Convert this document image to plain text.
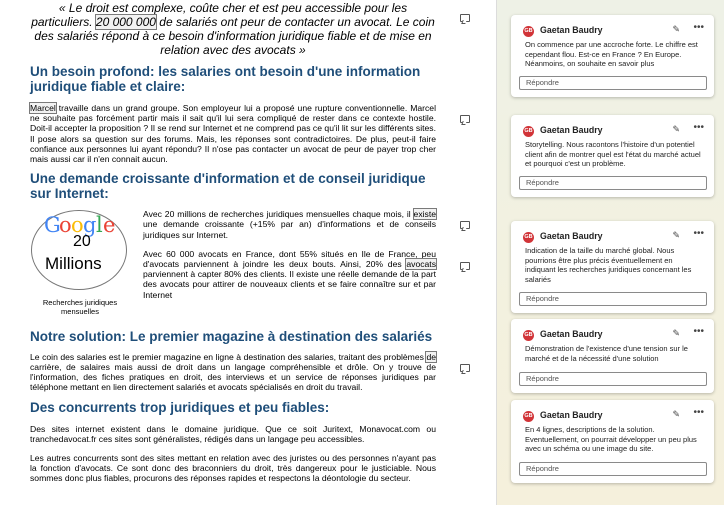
« Le droit est complexe, coûte cher et est peu accessible pour les particuliers. 20 000 000 de salariés ont peur de contacter un avocat. Le coin des salariés répond à ce besoin d'information juridique fiable et de mise en relation avec des avocats »

Un besoin profond: les salaries ont besoin d'une information juridique fiable et claire:

Marcel travaille dans un grand groupe. Son employeur lui a proposé une rupture conventionnelle. Marcel ne souhaite pas forcément partir mais il sait qu'il lui sera compliqué de rester dans ce contexte hostile. Doit-il accepter la proposition ? Il se rend sur Internet et ne comprend pas ce qu'il lit sur les différents sites. Il pose alors sa question sur des forums. Mais, les réponses sont contradictoires. De plus, peut-il faire confiance aux personnes lui ayant répondu? Il n'ose pas contacter un avocat de peur de payer trop cher mais aussi car il n'en connait aucun.

Une demande croissante d'information et de conseil juridique sur Internet:

Avec 20 millions de recherches juridiques mensuelles chaque mois, il existe une demande croissante (+15% par an) d'informations et de conseils juridiques sur Internet.

Avec 60 000 avocats en France, dont 55% situés en Ile de France, peu d'avocats parviennent à joindre les deux bouts. Ainsi, 20% des avocats parviennent à capter 80% des clients. Il existe une réelle demande de la part des avocats pour attirer de nouveaux clients et se faire connaître sur et par Internet

Notre solution: Le premier magazine à destination des salariés

Le coin des salaries est le premier magazine en ligne à destination des salaries, traitant des problèmes de carrière, de salaires mais aussi de droit dans un langage compréhensible et drôle. On y trouve de l'information, des fiches pratiques en droit, des interviews et un service de réponses juridiques par téléphone mettant en lien directement salariés et avocats spécialisés en droit du travail.

Des concurrents trop juridiques et peu fiables:

Des sites internet existent dans le domaine juridique. Que ce soit Juritext, Monavocat.com ou tranchedavocat.fr ces sites sont généralistes, rédigés dans un langage peu accessibles.

Les autres concurrents sont des sites mettant en relation avec des juristes ou des personnes n'ayant pas la fonction d'avocats. Ce sont donc des braconniers du droit, très dangereux pour le justiciable. Nous sommes donc plus fiables, procurons des réponses rapides et respectons la déontologie du secteur.

G
o o g l e
20
Millions
Recherches juridiques mensuelles
GB Gaetan Baudry	✎ •••
On commence par une accroche forte. Le chiffre est cependant flou. Est-ce en France ? En Europe. Néanmoins, on souhaite en savoir plus
Répondre
GB Gaetan Baudry	✎ •••
Storytelling. Nous racontons l'histoire d'un potentiel client afin de montrer quel est l'état du marché actuel et pourquoi c'est un problème.
Répondre
GB Gaetan Baudry	✎ •••
Indication de la taille du marché global. Nous pourrions être plus précis éventuellement en indiquant les recherches juridiques concernant les salariés
Répondre
GB Gaetan Baudry	✎ •••
Démonstration de l'existence d'une tension sur le marché et de la nécessité d'une solution
Répondre
GB Gaetan Baudry	✎ •••
En 4 lignes, descriptions de la solution. Eventuellement, on pourrait développer un peu plus avec un schéma ou une image du site.
Répondre
